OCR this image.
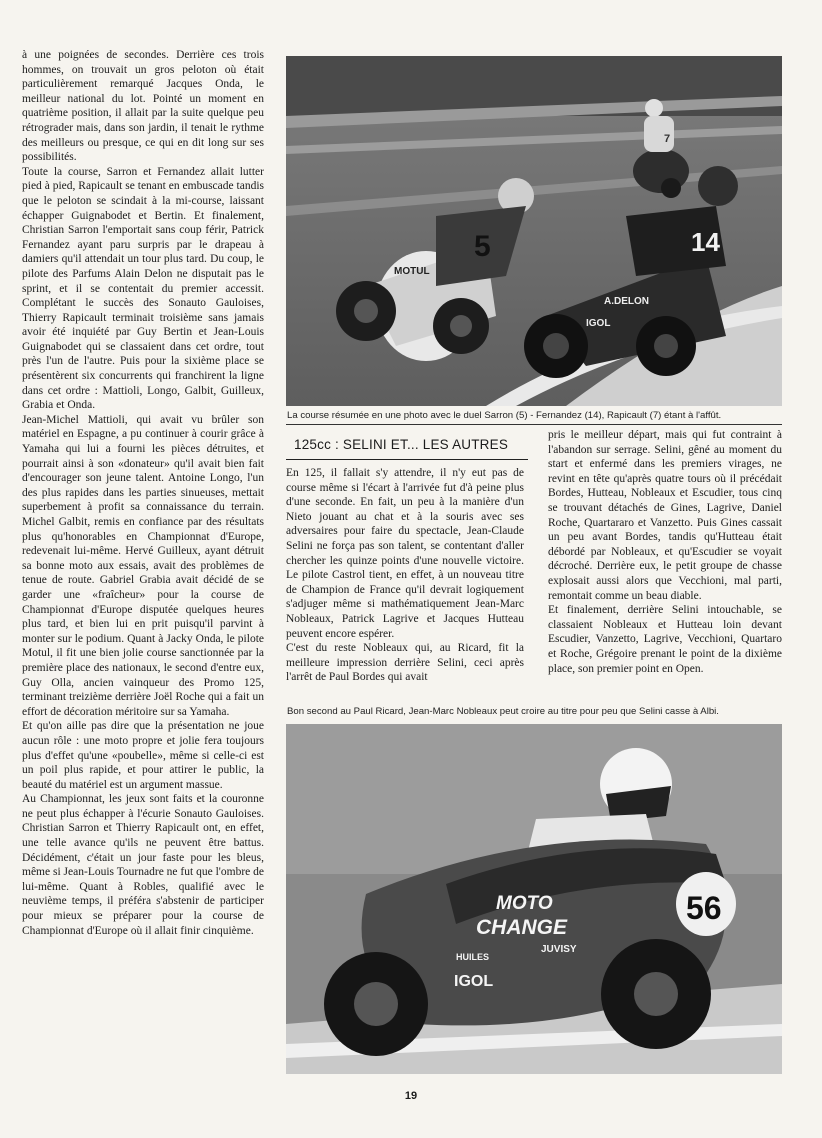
à une poignées de secondes. Derrière ces trois hommes, on trouvait un gros peloton où était particulièrement remarqué Jacques Onda, le meilleur national du lot. Pointé un moment en quatrième position, il allait par la suite quelque peu rétrograder mais, dans son jardin, il tenait le rythme des meilleurs ou presque, ce qui en dit long sur ses possibilités.

Toute la course, Sarron et Fernandez allait lutter pied à pied, Rapicault se tenant en embuscade tandis que le peloton se scindait à la mi-course, laissant échapper Guignabodet et Bertin. Et finalement, Christian Sarron l'emportait sans coup férir, Patrick Fernandez ayant paru surpris par le drapeau à damiers qu'il attendait un tour plus tard. Du coup, le pilote des Parfums Alain Delon ne disputait pas le sprint, et il se contentait du premier accessit. Complétant le succès des Sonauto Gauloises, Thierry Rapicault terminait troisième sans jamais avoir été inquiété par Guy Bertin et Jean-Louis Guignabodet qui se classaient dans cet ordre, tout près l'un de l'autre. Puis pour la sixième place se présentèrent six concurrents qui franchirent la ligne dans cet ordre : Mattioli, Longo, Galbit, Guilleux, Grabia et Onda.

Jean-Michel Mattioli, qui avait vu brûler son matériel en Espagne, a pu continuer à courir grâce à Yamaha qui lui a fourni les pièces détruites, et pourrait ainsi à son «donateur» qu'il avait bien fait d'encourager son jeune talent. Antoine Longo, l'un des plus rapides dans les parties sinueuses, mettait superbement à profit sa connaissance du terrain. Michel Galbit, remis en confiance par des résultats plus qu'honorables en Championnat d'Europe, redevenait lui-même. Hervé Guilleux, ayant détruit sa bonne moto aux essais, avait des problèmes de tenue de route. Gabriel Grabia avait décidé de se garder une «fraîcheur» pour la course de Championnat d'Europe disputée quelques heures plus tard, et bien lui en prit puisqu'il parvint à monter sur le podium. Quant à Jacky Onda, le pilote Motul, il fit une bien jolie course sanctionnée par la première place des nationaux, le second d'entre eux, Guy Olla, ancien vainqueur des Promo 125, terminant treizième derrière Joël Roche qui a fait un effort de décoration méritoire sur sa Yamaha.

Et qu'on aille pas dire que la présentation ne joue aucun rôle : une moto propre et jolie fera toujours plus d'effet qu'une «poubelle», même si celle-ci est un poil plus rapide, et pour attirer le public, la beauté du matériel est un argument massue.

Au Championnat, les jeux sont faits et la couronne ne peut plus échapper à l'écurie Sonauto Gauloises. Christian Sarron et Thierry Rapicault ont, en effet, une telle avance qu'ils ne peuvent être battus. Décidément, c'était un jour faste pour les bleus, même si Jean-Louis Tournadre ne fut que l'ombre de lui-même. Quant à Robles, qualifié avec le neuvième temps, il préféra s'abstenir de participer pour mieux se préparer pour la course de Championnat d'Europe où il allait finir cinquième.

5	14
7
MOTUL
A.DELON
IGOL
La course résumée en une photo avec le duel Sarron (5) - Fernandez (14), Rapicault (7) étant à l'affût.
125cc : SELINI ET... LES AUTRES

En 125, il fallait s'y attendre, il n'y eut pas de course même si l'écart à l'arrivée fut d'à peine plus d'une seconde. En fait, un peu à la manière d'un Nieto jouant au chat et à la souris avec ses adversaires pour faire du spectacle, Jean-Claude Selini ne força pas son talent, se contentant d'aller chercher les quinze points d'une nouvelle victoire. Le pilote Castrol tient, en effet, à un nouveau titre de Champion de France qu'il devrait logiquement s'adjuger même si mathématiquement Jean-Marc Nobleaux, Patrick Lagrive et Jacques Hutteau peuvent encore espérer.

C'est du reste Nobleaux qui, au Ricard, fit la meilleure impression derrière Selini, ceci après l'arrêt de Paul Bordes qui avait

pris le meilleur départ, mais qui fut contraint à l'abandon sur serrage. Selini, gêné au moment du start et enfermé dans les premiers virages, ne revint en tête qu'après quatre tours où il précédait Bordes, Hutteau, Nobleaux et Escudier, tous cinq se trouvant détachés de Gines, Lagrive, Daniel Roche, Quartararo et Vanzetto. Puis Gines cassait un peu avant Bordes, tandis qu'Hutteau était débordé par Nobleaux, et qu'Escudier se voyait décroché. Derrière eux, le petit groupe de chasse explosait aussi alors que Vecchioni, mal parti, remontait comme un beau diable.

Et finalement, derrière Selini intouchable, se classaient Nobleaux et Hutteau loin devant Escudier, Vanzetto, Lagrive, Vecchioni, Quartaro et Roche, Grégoire prenant le point de la dixième place, son premier point en Open.

Bon second au Paul Ricard, Jean-Marc Nobleaux peut croire au titre pour peu que Selini casse à Albi.
56
MOTO
CHANGE
JUVISY
HUILES
IGOL
19
